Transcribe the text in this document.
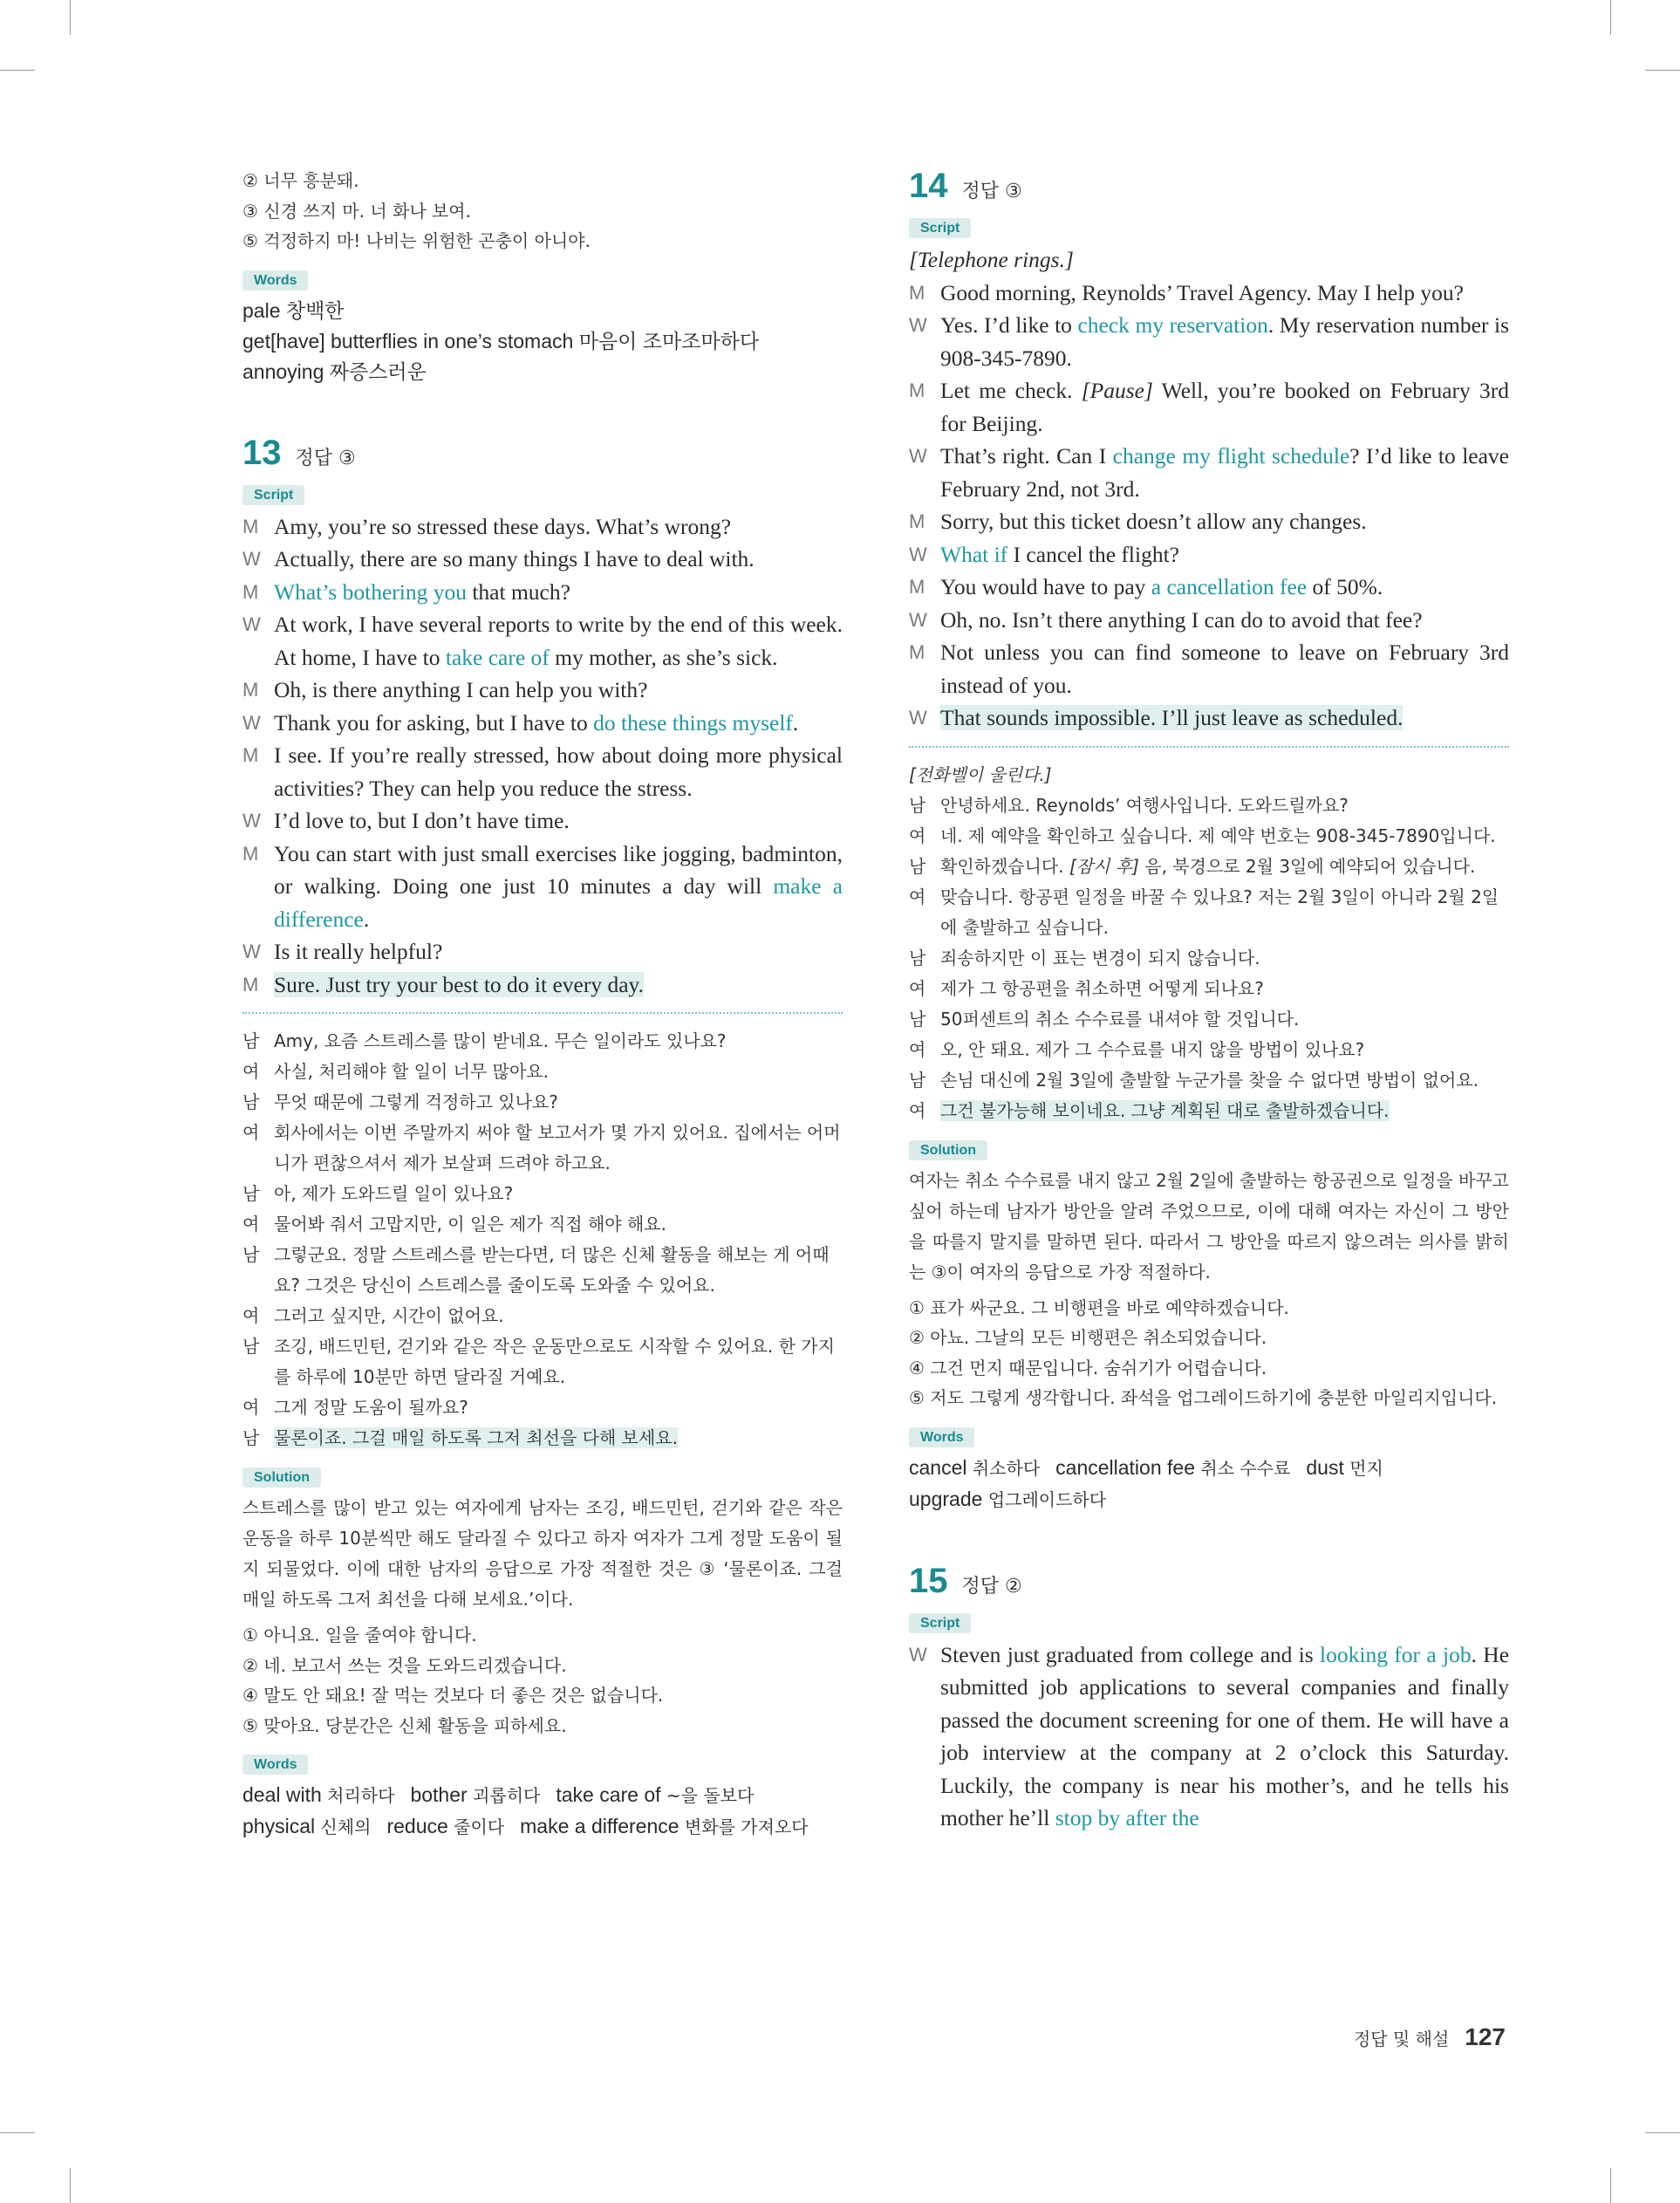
② 너무 흥분돼.
③ 신경 쓰지 마. 너 화나 보여.
⑤ 걱정하지 마! 나비는 위험한 곤충이 아니야.
Words
pale 창백한
get[have] butterflies in one’s stomach 마음이 조마조마하다
annoying 짜증스러운
13 정답 ③
Script
M Amy, you’re so stressed these days. What’s wrong?
W Actually, there are so many things I have to deal with.
M What’s bothering you that much?
W At work, I have several reports to write by the end of this week. At home, I have to take care of my mother, as she’s sick.
M Oh, is there anything I can help you with?
W Thank you for asking, but I have to do these things myself.
M I see. If you’re really stressed, how about doing more physical activities? They can help you reduce the stress.
W I’d love to, but I don’t have time.
M You can start with just small exercises like jogging, badminton, or walking. Doing one just 10 minutes a day will make a difference.
W Is it really helpful?
M Sure. Just try your best to do it every day.
남 Amy, 요즘 스트레스를 많이 받네요. 무슨 일이라도 있나요?
여 사실, 처리해야 할 일이 너무 많아요.
남 무엇 때문에 그렇게 걱정하고 있나요?
여 회사에서는 이번 주말까지 써야 할 보고서가 몇 가지 있어요. 집에서는 어머니가 편찮으셔서 제가 보살펴 드려야 하고요.
남 아, 제가 도와드릴 일이 있나요?
여 물어봐 줘서 고맙지만, 이 일은 제가 직접 해야 해요.
남 그렇군요. 정말 스트레스를 받는다면, 더 많은 신체 활동을 해보는 게 어때요? 그것은 당신이 스트레스를 줄이도록 도와줄 수 있어요.
여 그러고 싶지만, 시간이 없어요.
남 조깅, 배드민턴, 걷기와 같은 작은 운동만으로도 시작할 수 있어요. 한 가지를 하루에 10분만 하면 달라질 거예요.
여 그게 정말 도움이 될까요?
남 물론이죠. 그걸 매일 하도록 그저 최선을 다해 보세요.
Solution
스트레스를 많이 받고 있는 여자에게 남자는 조깅, 배드민턴, 걷기와 같은 작은 운동을 하루 10분씩만 해도 달라질 수 있다고 하자 여자가 그게 정말 도움이 될지 되물었다. 이에 대한 남자의 응답으로 가장 적절한 것은 ③ ‘물론이죠. 그걸 매일 하도록 그저 최선을 다해 보세요.’이다.
① 아니요. 일을 줄여야 합니다.
② 네. 보고서 쓰는 것을 도와드리겠습니다.
④ 말도 안 돼요! 잘 먹는 것보다 더 좋은 것은 없습니다.
⑤ 맞아요. 당분간은 신체 활동을 피하세요.
Words
deal with 처리하다 bother 괴롭히다 take care of ~을 돌보다
physical 신체의 reduce 줄이다 make a difference 변화를 가져오다
14 정답 ③
Script
[Telephone rings.]
M Good morning, Reynolds’ Travel Agency. May I help you?
W Yes. I’d like to check my reservation. My reservation number is 908-345-7890.
M Let me check. [Pause] Well, you’re booked on February 3rd for Beijing.
W That’s right. Can I change my flight schedule? I’d like to leave February 2nd, not 3rd.
M Sorry, but this ticket doesn’t allow any changes.
W What if I cancel the flight?
M You would have to pay a cancellation fee of 50%.
W Oh, no. Isn’t there anything I can do to avoid that fee?
M Not unless you can find someone to leave on February 3rd instead of you.
W That sounds impossible. I’ll just leave as scheduled.
[전화벨이 울린다.]
남 안녕하세요. Reynolds’ 여행사입니다. 도와드릴까요?
여 네. 제 예약을 확인하고 싶습니다. 제 예약 번호는 908-345-7890입니다.
남 확인하겠습니다. [잠시 후] 음, 북경으로 2월 3일에 예약되어 있습니다.
여 맞습니다. 항공편 일정을 바꿀 수 있나요? 저는 2월 3일이 아니라 2월 2일에 출발하고 싶습니다.
남 죄송하지만 이 표는 변경이 되지 않습니다.
여 제가 그 항공편을 취소하면 어떻게 되나요?
남 50퍼센트의 취소 수수료를 내셔야 할 것입니다.
여 오, 안 돼요. 제가 그 수수료를 내지 않을 방법이 있나요?
남 손님 대신에 2월 3일에 출발할 누군가를 찾을 수 없다면 방법이 없어요.
여 그건 불가능해 보이네요. 그냥 계획된 대로 출발하겠습니다.
Solution
여자는 취소 수수료를 내지 않고 2월 2일에 출발하는 항공권으로 일정을 바꾸고 싶어 하는데 남자가 방안을 알려 주었으므로, 이에 대해 여자는 자신이 그 방안을 따를지 말지를 말하면 된다. 따라서 그 방안을 따르지 않으려는 의사를 밝히는 ③이 여자의 응답으로 가장 적절하다.
① 표가 싸군요. 그 비행편을 바로 예약하겠습니다.
② 아뇨. 그날의 모든 비행편은 취소되었습니다.
④ 그건 먼지 때문입니다. 숨쉬기가 어렵습니다.
⑤ 저도 그렇게 생각합니다. 좌석을 업그레이드하기에 충분한 마일리지입니다.
Words
cancel 취소하다 cancellation fee 취소 수수료 dust 먼지
upgrade 업그레이드하다
15 정답 ②
Script
W Steven just graduated from college and is looking for a job. He submitted job applications to several companies and finally passed the document screening for one of them. He will have a job interview at the company at 2 o’clock this Saturday. Luckily, the company is near his mother’s, and he tells his mother he’ll stop by after the
정답 및 해설 127
